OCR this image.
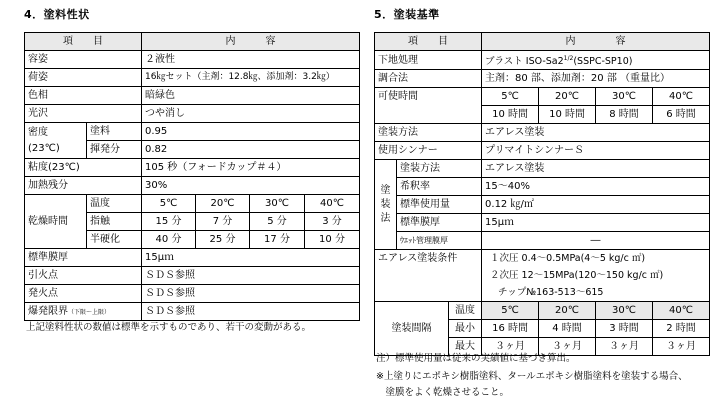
4．塗料性状
項　　目		内　　　容			
容姿		２液性			
荷姿		16㎏セット（主剤：12.8㎏、添加剤：3.2㎏）			
色相		暗緑色			
光沢		つや消し			

密度
(23℃)	塗料	0.95			
	揮発分	0.82			
粘度(23℃)		105 秒（フォードカップ＃４）			
加熱残分		30%			
乾燥時間	温度	5℃	20℃	30℃	40℃
	指触	15 分	7 分	5 分	3 分
	半硬化	40 分	25 分	17 分	10 分
標準膜厚		15μｍ			
引火点		ＳＤＳ参照			
発火点		ＳＤＳ参照			
爆発限界（下限～上限）		ＳＤＳ参照			
上記塗料性状の数値は標準を示すものであり、若干の変動がある。
5．塗装基準
項　　目			内　　　　容			
下地処理			ブラスト ISO-$Sa2^{1/2}(SSPC-SP10)$			
調合法			主剤：80 部、添加剤：20 部 （重量比）			
可使時間			5℃	20℃	30℃	40℃
			10 時間	10 時間	8 時間	6 時間
塗装方法			エアレス塗装			
使用シンナー			プリマイトシンナーＳ			

塗
装
法	塗装方法		エアレス塗装			
	希釈率		15～40%			
	標準使用量		0.12 ㎏/㎡			
	標準膜厚		15μｍ			
	ｳｴｯﾄ管理膜厚		―			
エアレス塗装条件			１次圧 0.4～0.5MPa(4～5 kg/c ㎡)
２次圧 12～15MPa(120～150 kg/c ㎡)
チップ№163-513～615			

塗装間隔		温度	5℃	20℃	30℃	40℃
		最小	16 時間	4 時間	3 時間	2 時間
		最大	３ヶ月	３ヶ月	３ヶ月	３ヶ月
注）標準使用量は従来の実績値に基づき算出。
※上塗りにエポキシ樹脂塗料、タールエポキシ樹脂塗料を塗装する場合、
　塗膜をよく乾燥させること。
